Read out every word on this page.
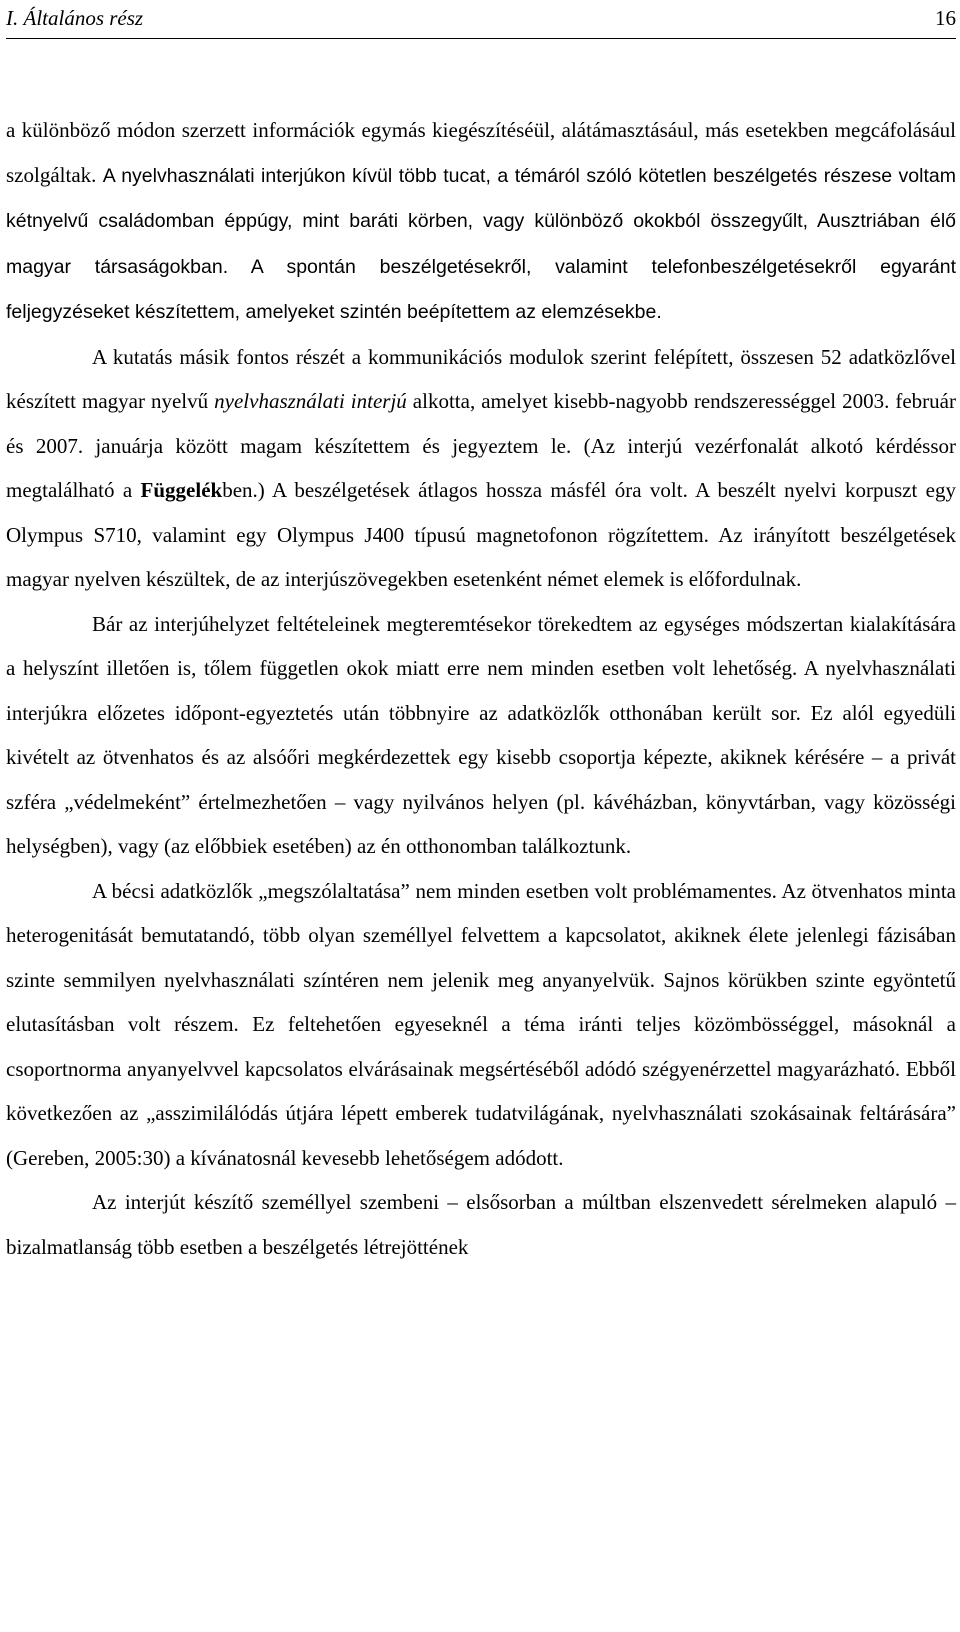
I. Általános rész	16

a különböző módon szerzett információk egymás kiegészítéséül, alátámasztásául, más esetekben megcáfolásául szolgáltak. A nyelvhasználati interjúkon kívül több tucat, a témáról szóló kötetlen beszélgetés részese voltam kétnyelvű családomban éppúgy, mint baráti körben, vagy különböző okokból összegyűlt, Ausztriában élő magyar társaságokban. A spontán beszélgetésekről, valamint telefonbeszélgetésekről egyaránt feljegyzéseket készítettem, amelyeket szintén beépítettem az elemzésekbe.

A kutatás másik fontos részét a kommunikációs modulok szerint felépített, összesen 52 adatközlővel készített magyar nyelvű nyelvhasználati interjú alkotta, amelyet kisebb-nagyobb rendszerességgel 2003. február és 2007. januárja között magam készítettem és jegyeztem le. (Az interjú vezérfonalát alkotó kérdéssor megtalálható a Függelékben.) A beszélgetések átlagos hossza másfél óra volt. A beszélt nyelvi korpuszt egy Olympus S710, valamint egy Olympus J400 típusú magnetofonon rögzítettem. Az irányított beszélgetések magyar nyelven készültek, de az interjúszövegekben esetenként német elemek is előfordulnak.

Bár az interjúhelyzet feltételeinek megteremtésekor törekedtem az egységes módszertan kialakítására a helyszínt illetően is, tőlem független okok miatt erre nem minden esetben volt lehetőség. A nyelvhasználati interjúkra előzetes időpont-egyeztetés után többnyire az adatközlők otthonában került sor. Ez alól egyedüli kivételt az ötvenhatos és az alsóőri megkérdezettek egy kisebb csoportja képezte, akiknek kérésére – a privát szféra „védelmeként” értelmezhetően – vagy nyilvános helyen (pl. kávéházban, könyvtárban, vagy közösségi helységben), vagy (az előbbiek esetében) az én otthonomban találkoztunk.

A bécsi adatközlők „megszólaltatása” nem minden esetben volt problémamentes. Az ötvenhatos minta heterogenitását bemutatandó, több olyan személlyel felvettem a kapcsolatot, akiknek élete jelenlegi fázisában szinte semmilyen nyelvhasználati színtéren nem jelenik meg anyanyelvük. Sajnos körükben szinte egyöntetű elutasításban volt részem. Ez feltehetően egyeseknél a téma iránti teljes közömbösséggel, másoknál a csoportnorma anyanyelvvel kapcsolatos elvárásainak megsértéséből adódó szégyenérzettel magyarázható. Ebből következően az „asszimilálódás útjára lépett emberek tudatvilágának, nyelvhasználati szokásainak feltárására” (Gereben, 2005:30) a kívánatosnál kevesebb lehetőségem adódott.

Az interjút készítő személlyel szembeni – elsősorban a múltban elszenvedett sérelmeken alapuló – bizalmatlanság több esetben a beszélgetés létrejöttének
